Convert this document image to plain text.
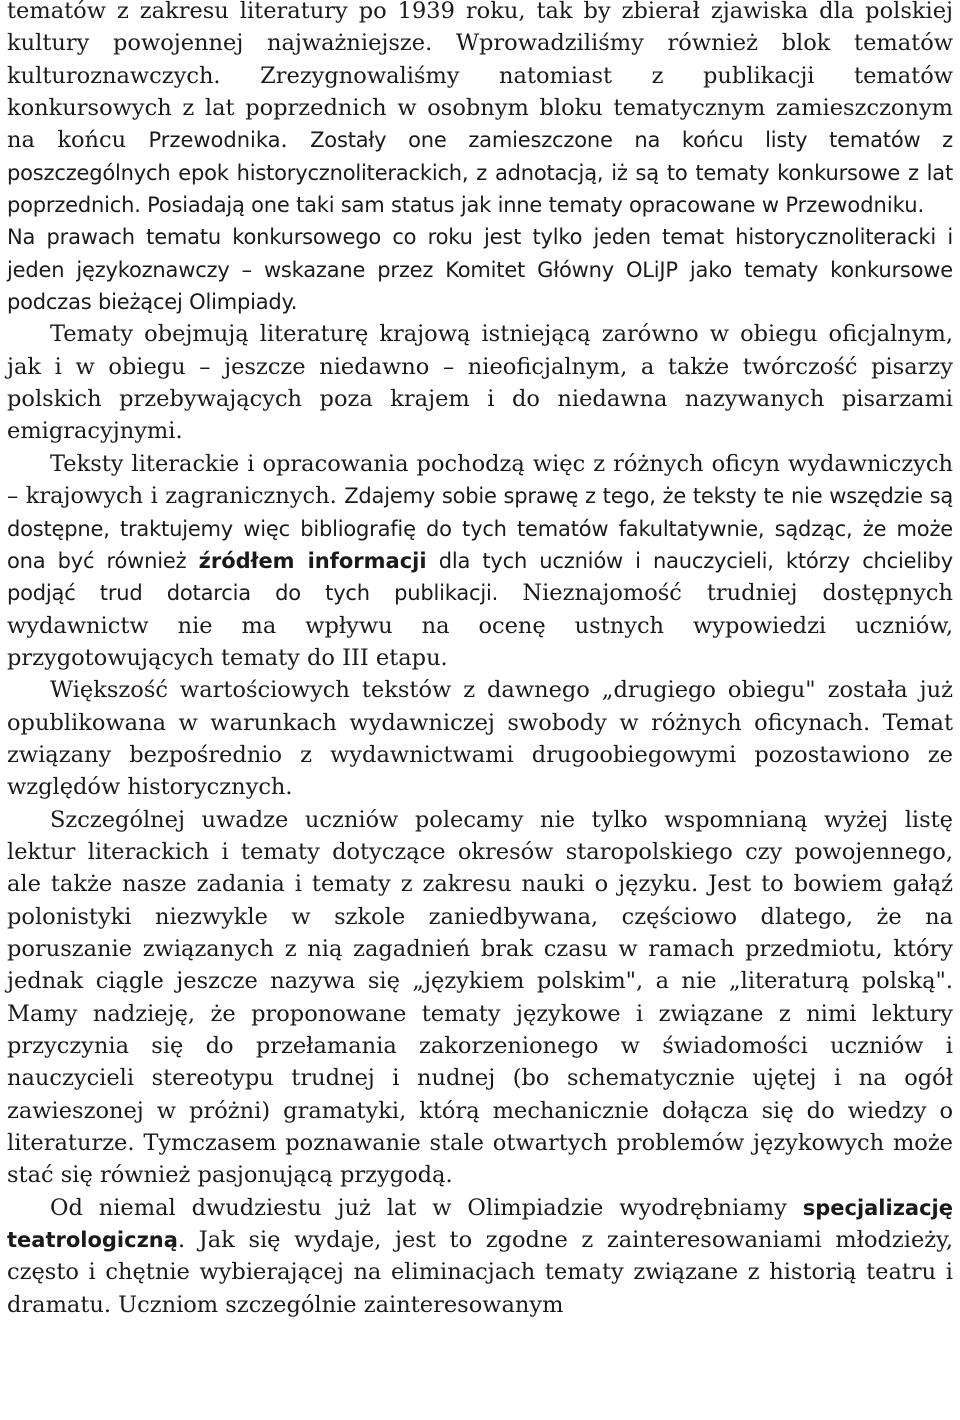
tematów z zakresu literatury po 1939 roku, tak by zbierał zjawiska dla polskiej kultury powojennej najważniejsze. Wprowadziliśmy również blok tematów kulturoznawczych. Zrezygnowaliśmy natomiast z publikacji tematów konkursowych z lat poprzednich w osobnym bloku tematycznym zamieszczonym na końcu Przewodnika. Zostały one zamieszczone na końcu listy tematów z poszczególnych epok historycznoliterackich, z adnotacją, iż są to tematy konkursowe z lat poprzednich. Posiadają one taki sam status jak inne tematy opracowane w Przewodniku.

Na prawach tematu konkursowego co roku jest tylko jeden temat historycznoliteracki i jeden językoznawczy – wskazane przez Komitet Główny OLiJP jako tematy konkursowe podczas bieżącej Olimpiady.

Tematy obejmują literaturę krajową istniejącą zarówno w obiegu oficjalnym, jak i w obiegu – jeszcze niedawno – nieoficjalnym, a także twórczość pisarzy polskich przebywających poza krajem i do niedawna nazywanych pisarzami emigracyjnymi.

Teksty literackie i opracowania pochodzą więc z różnych oficyn wydawniczych – krajowych i zagranicznych. Zdajemy sobie sprawę z tego, że teksty te nie wszędzie są dostępne, traktujemy więc bibliografię do tych tematów fakultatywnie, sądząc, że może ona być również źródłem informacji dla tych uczniów i nauczycieli, którzy chcieliby podjąć trud dotarcia do tych publikacji. Nieznajomość trudniej dostępnych wydawnictw nie ma wpływu na ocenę ustnych wypowiedzi uczniów, przygotowujących tematy do III etapu.

Większość wartościowych tekstów z dawnego „drugiego obiegu" została już opublikowana w warunkach wydawniczej swobody w różnych oficynach. Temat związany bezpośrednio z wydawnictwami drugoobiegowymi pozostawiono ze względów historycznych.

Szczególnej uwadze uczniów polecamy nie tylko wspomnianą wyżej listę lektur literackich i tematy dotyczące okresów staropolskiego czy powojennego, ale także nasze zadania i tematy z zakresu nauki o języku. Jest to bowiem gałąź polonistyki niezwykle w szkole zaniedbywana, częściowo dlatego, że na poruszanie związanych z nią zagadnień brak czasu w ramach przedmiotu, który jednak ciągle jeszcze nazywa się „językiem polskim", a nie „literaturą polską". Mamy nadzieję, że proponowane tematy językowe i związane z nimi lektury przyczynia się do przełamania zakorzenionego w świadomości uczniów i nauczycieli stereotypu trudnej i nudnej (bo schematycznie ujętej i na ogół zawieszonej w próżni) gramatyki, którą mechanicznie dołącza się do wiedzy o literaturze. Tymczasem poznawanie stale otwartych problemów językowych może stać się również pasjonującą przygodą.

Od niemal dwudziestu już lat w Olimpiadzie wyodrębniamy specjalizację teatrologiczną. Jak się wydaje, jest to zgodne z zainteresowaniami młodzieży, często i chętnie wybierającej na eliminacjach tematy związane z historią teatru i dramatu. Uczniom szczególnie zainteresowanym
